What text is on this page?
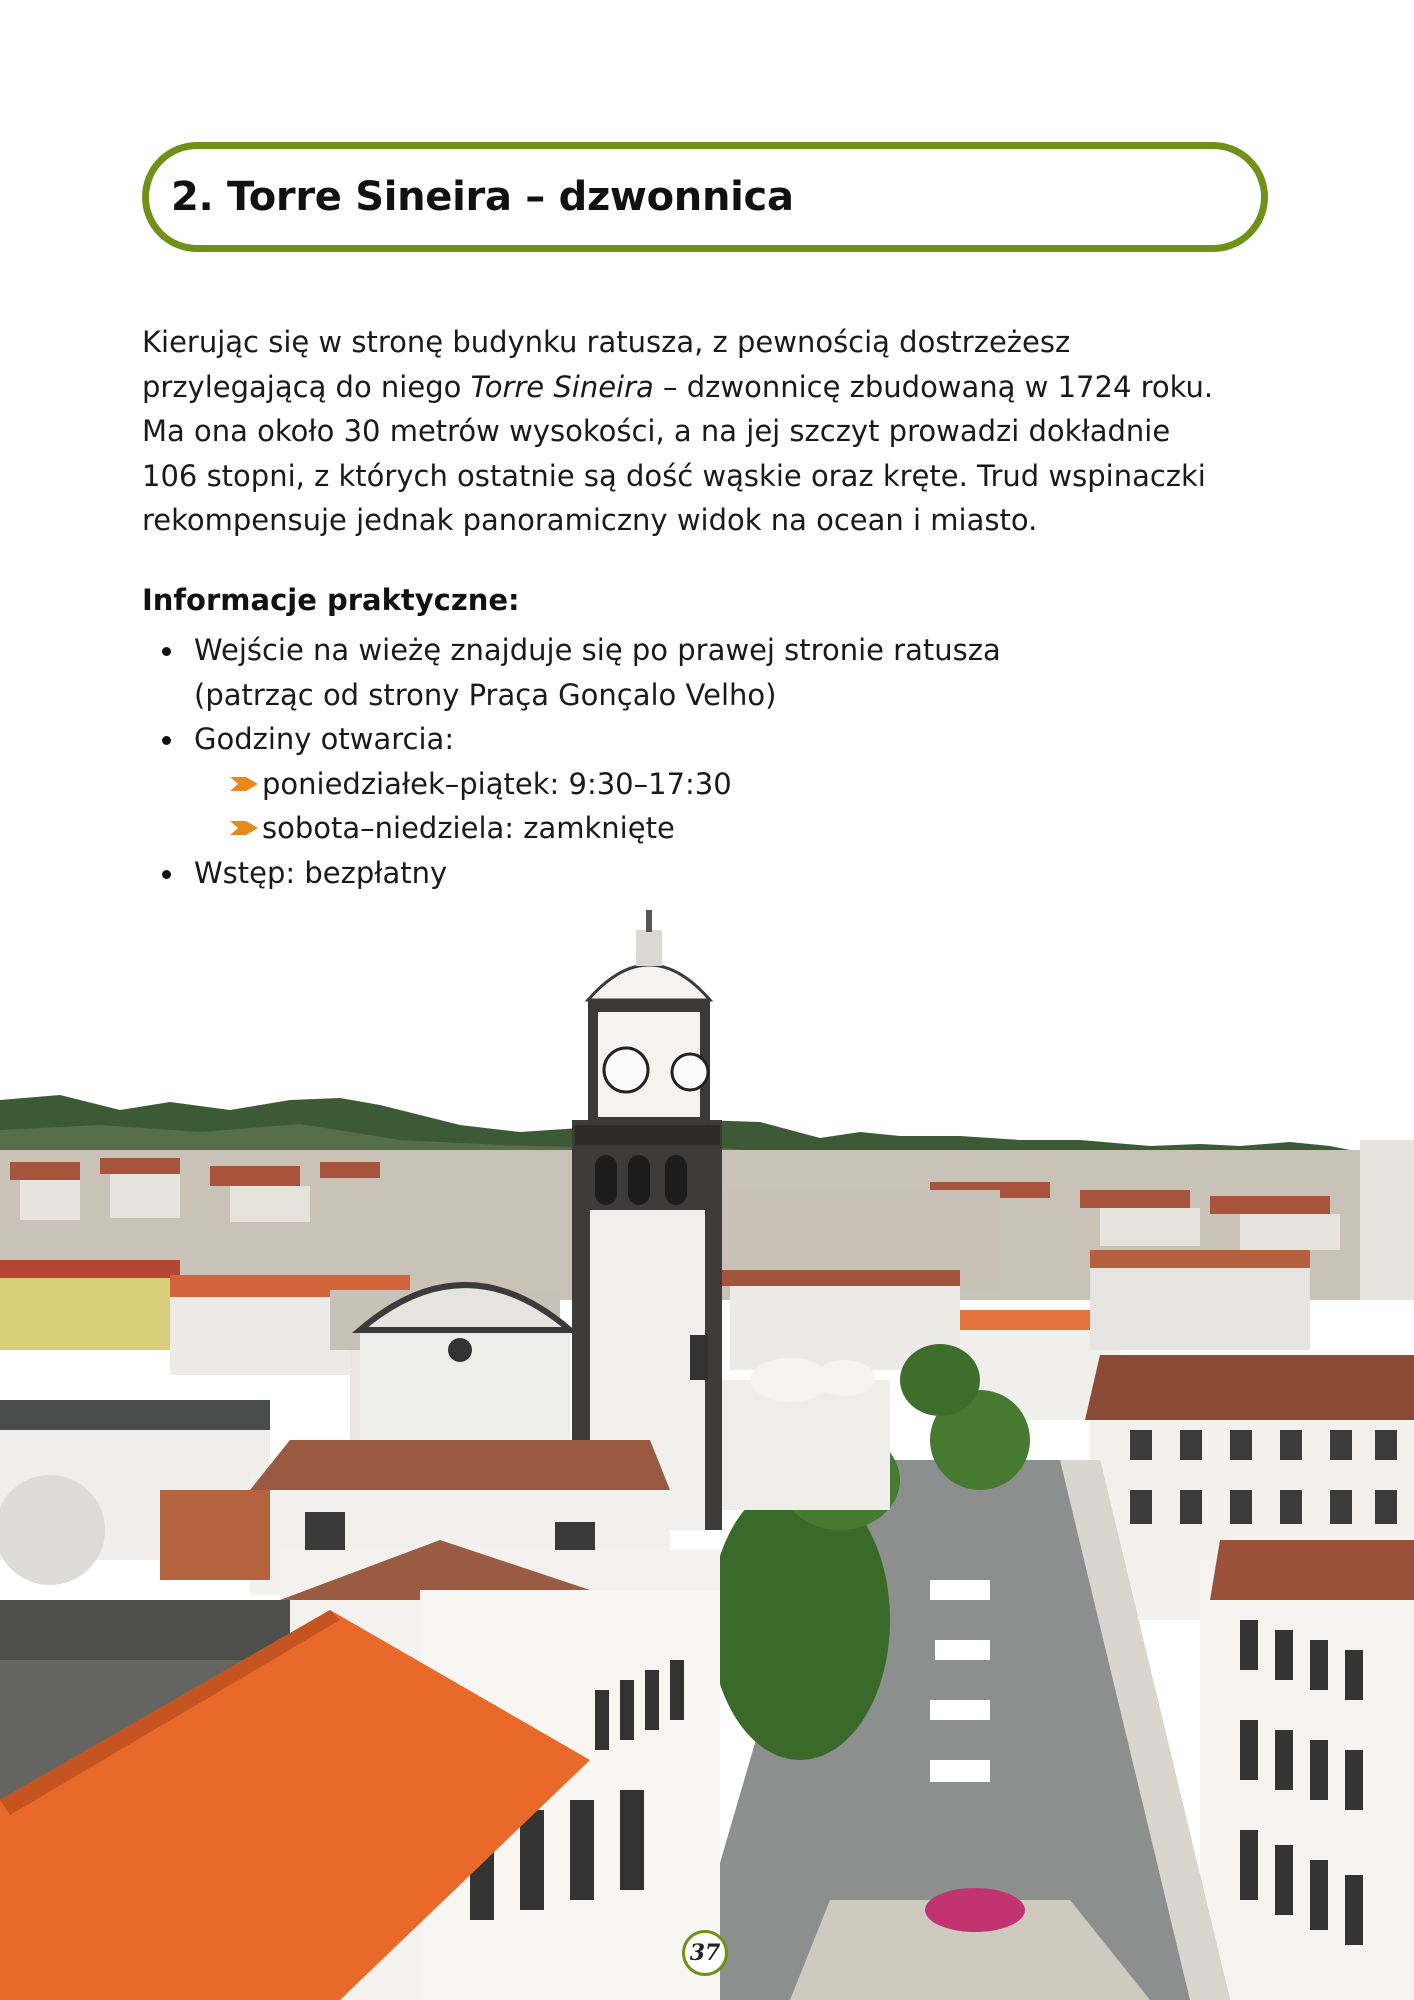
2. Torre Sineira – dzwonnica

Kierując się w stronę budynku ratusza, z pewnością dostrzeżesz
przylegającą do niego Torre Sineira – dzwonnicę zbudowaną w 1724 roku.
Ma ona około 30 metrów wysokości, a na jej szczyt prowadzi dokładnie
106 stopni, z których ostatnie są dość wąskie oraz kręte. Trud wspinaczki
rekompensuje jednak panoramiczny widok na ocean i miasto.

Informacje praktyczne:
Wejście na wieżę znajduje się po prawej stronie ratusza
(patrząc od strony Praça Gonçalo Velho)
Godziny otwarcia:
poniedziałek–piątek: 9:30–17:30
sobota–niedziela: zamknięte
Wstęp: bezpłatny
37
